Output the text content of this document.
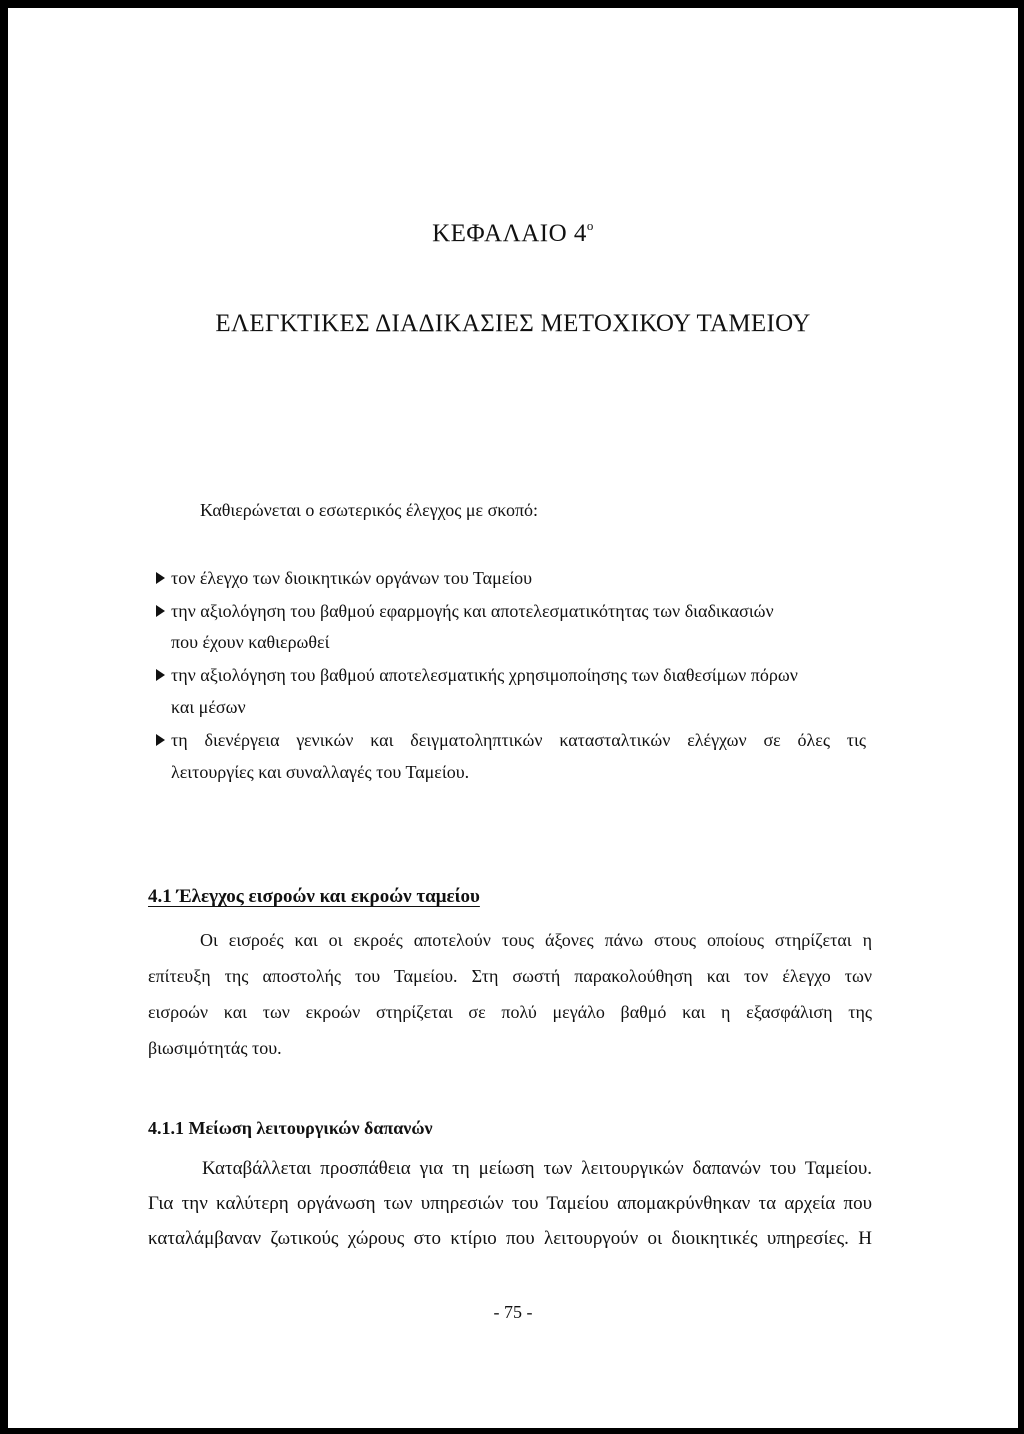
ΚΕΦΑΛΑΙΟ $4^o$
ΕΛΕΓΚΤΙΚΕΣ ΔΙΑΔΙΚΑΣΙΕΣ ΜΕΤΟΧΙΚΟΥ ΤΑΜΕΙΟΥ
Καθιερώνεται ο εσωτερικός έλεγχος με σκοπό:
τον έλεγχο των διοικητικών οργάνων του Ταμείου
την αξιολόγηση του βαθμού εφαρμογής και αποτελεσματικότητας των διαδικασιών
που έχουν καθιερωθεί
την αξιολόγηση του βαθμού αποτελεσματικής χρησιμοποίησης των διαθεσίμων πόρων
και μέσων
τη διενέργεια γενικών και δειγματοληπτικών κατασταλτικών ελέγχων σε όλες τις
λειτουργίες και συναλλαγές του Ταμείου.
4.1 Έλεγχος εισροών και εκροών ταμείου
Οι εισροές και οι εκροές αποτελούν τους άξονες πάνω στους οποίους στηρίζεται η
επίτευξη της αποστολής του Ταμείου. Στη σωστή παρακολούθηση και τον έλεγχο των
εισροών και των εκροών στηρίζεται σε πολύ μεγάλο βαθμό και η εξασφάλιση της
βιωσιμότητάς του.
4.1.1 Μείωση λειτουργικών δαπανών
Καταβάλλεται προσπάθεια για τη μείωση των λειτουργικών δαπανών του Ταμείου.
Για την καλύτερη οργάνωση των υπηρεσιών του Ταμείου απομακρύνθηκαν τα αρχεία που
καταλάμβαναν ζωτικούς χώρους στο κτίριο που λειτουργούν οι διοικητικές υπηρεσίες. Η
- 75 -
